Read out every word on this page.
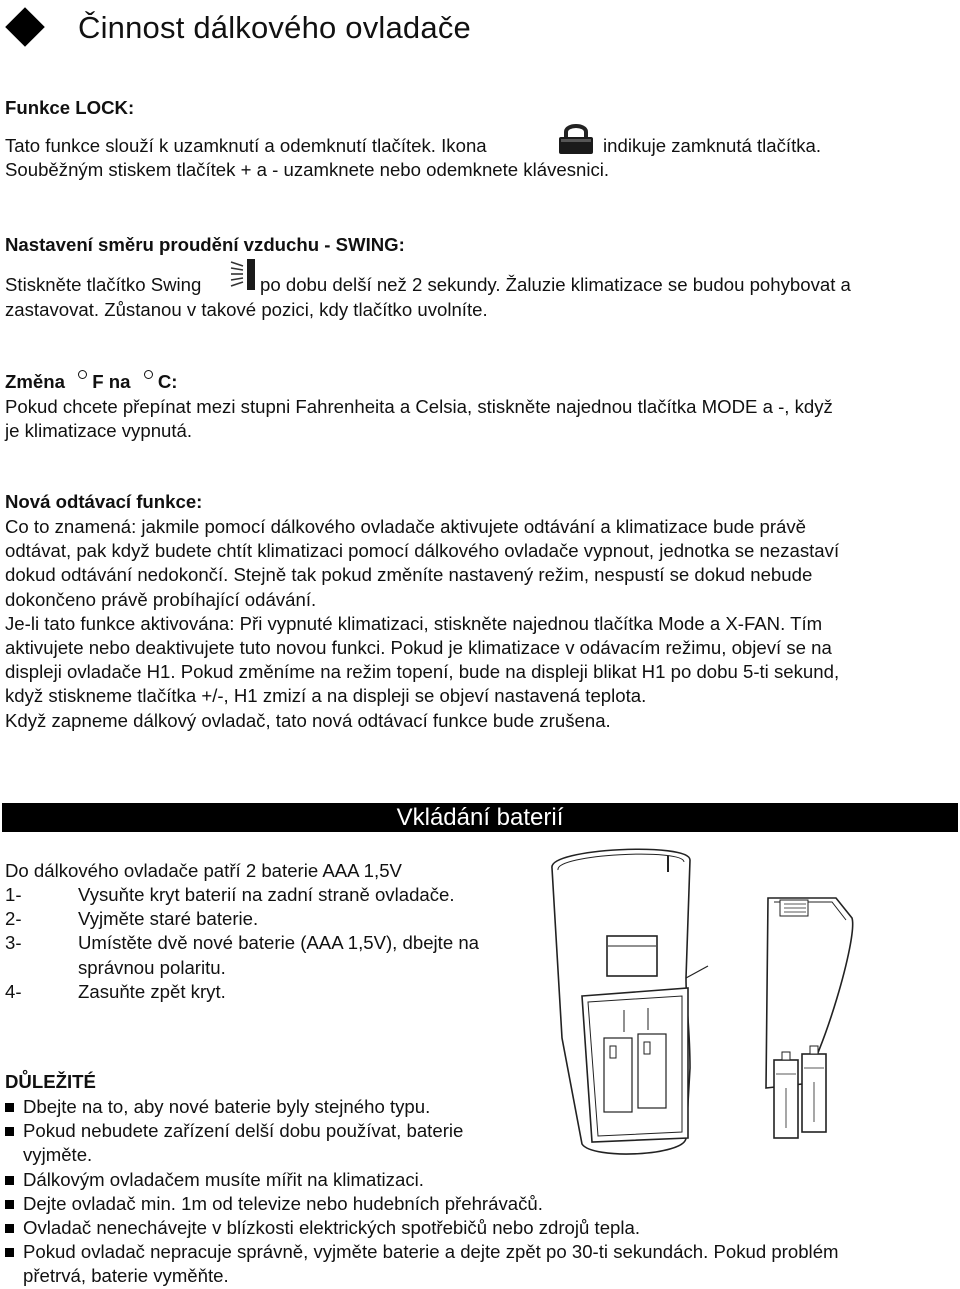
Činnost dálkového ovladače
Funkce LOCK:
Tato funkce slouží k uzamknutí a odemknutí tlačítek. Ikona	indikuje zamknutá tlačítka.
Souběžným stiskem tlačítek + a - uzamknete nebo odemknete klávesnici.
Nastavení směru proudění vzduchu - SWING:
Stiskněte tlačítko Swing	po dobu delší než 2 sekundy. Žaluzie klimatizace se budou pohybovat a
zastavovat. Zůstanou v takové pozici, kdy tlačítko uvolníte.
Změna F na C:
Pokud chcete přepínat mezi stupni Fahrenheita a Celsia, stiskněte najednou tlačítka MODE a -, když
je klimatizace vypnutá.
Nová odtávací funkce:
Co to znamená: jakmile pomocí dálkového ovladače aktivujete odtávání a klimatizace bude právě
odtávat, pak když budete chtít klimatizaci pomocí dálkového ovladače vypnout, jednotka se nezastaví
dokud odtávání nedokončí. Stejně tak pokud změníte nastavený režim, nespustí se dokud nebude
dokončeno právě probíhající odávání.
Je-li tato funkce aktivována: Při vypnuté klimatizaci, stiskněte najednou tlačítka Mode a X-FAN. Tím
aktivujete nebo deaktivujete tuto novou funkci. Pokud je klimatizace v odávacím režimu, objeví se na
displeji ovladače H1. Pokud změníme na režim topení, bude na displeji blikat H1 po dobu 5-ti sekund,
když stiskneme tlačítka +/-, H1 zmizí a na displeji se objeví nastavená teplota.
Když zapneme dálkový ovladač, tato nová odtávací funkce bude zrušena.
Vkládání baterií
Do dálkového ovladače patří 2 baterie AAA 1,5V
1-	Vysuňte kryt baterií na zadní straně ovladače.
2-	Vyjměte staré baterie.
3-	Umístěte dvě nové baterie (AAA 1,5V), dbejte na
správnou polaritu.
4-	Zasuňte zpět kryt.
DŮLEŽITÉ
Dbejte na to, aby nové baterie byly stejného typu.
Pokud nebudete zařízení delší dobu používat, baterie
vyjměte.
Dálkovým ovladačem musíte mířit na klimatizaci.
Dejte ovladač min. 1m od televize nebo hudebních přehrávačů.
Ovladač nenechávejte v blízkosti elektrických spotřebičů nebo zdrojů tepla.
Pokud ovladač nepracuje správně, vyjměte baterie a dejte zpět po 30-ti sekundách. Pokud problém
přetrvá, baterie vyměňte.
